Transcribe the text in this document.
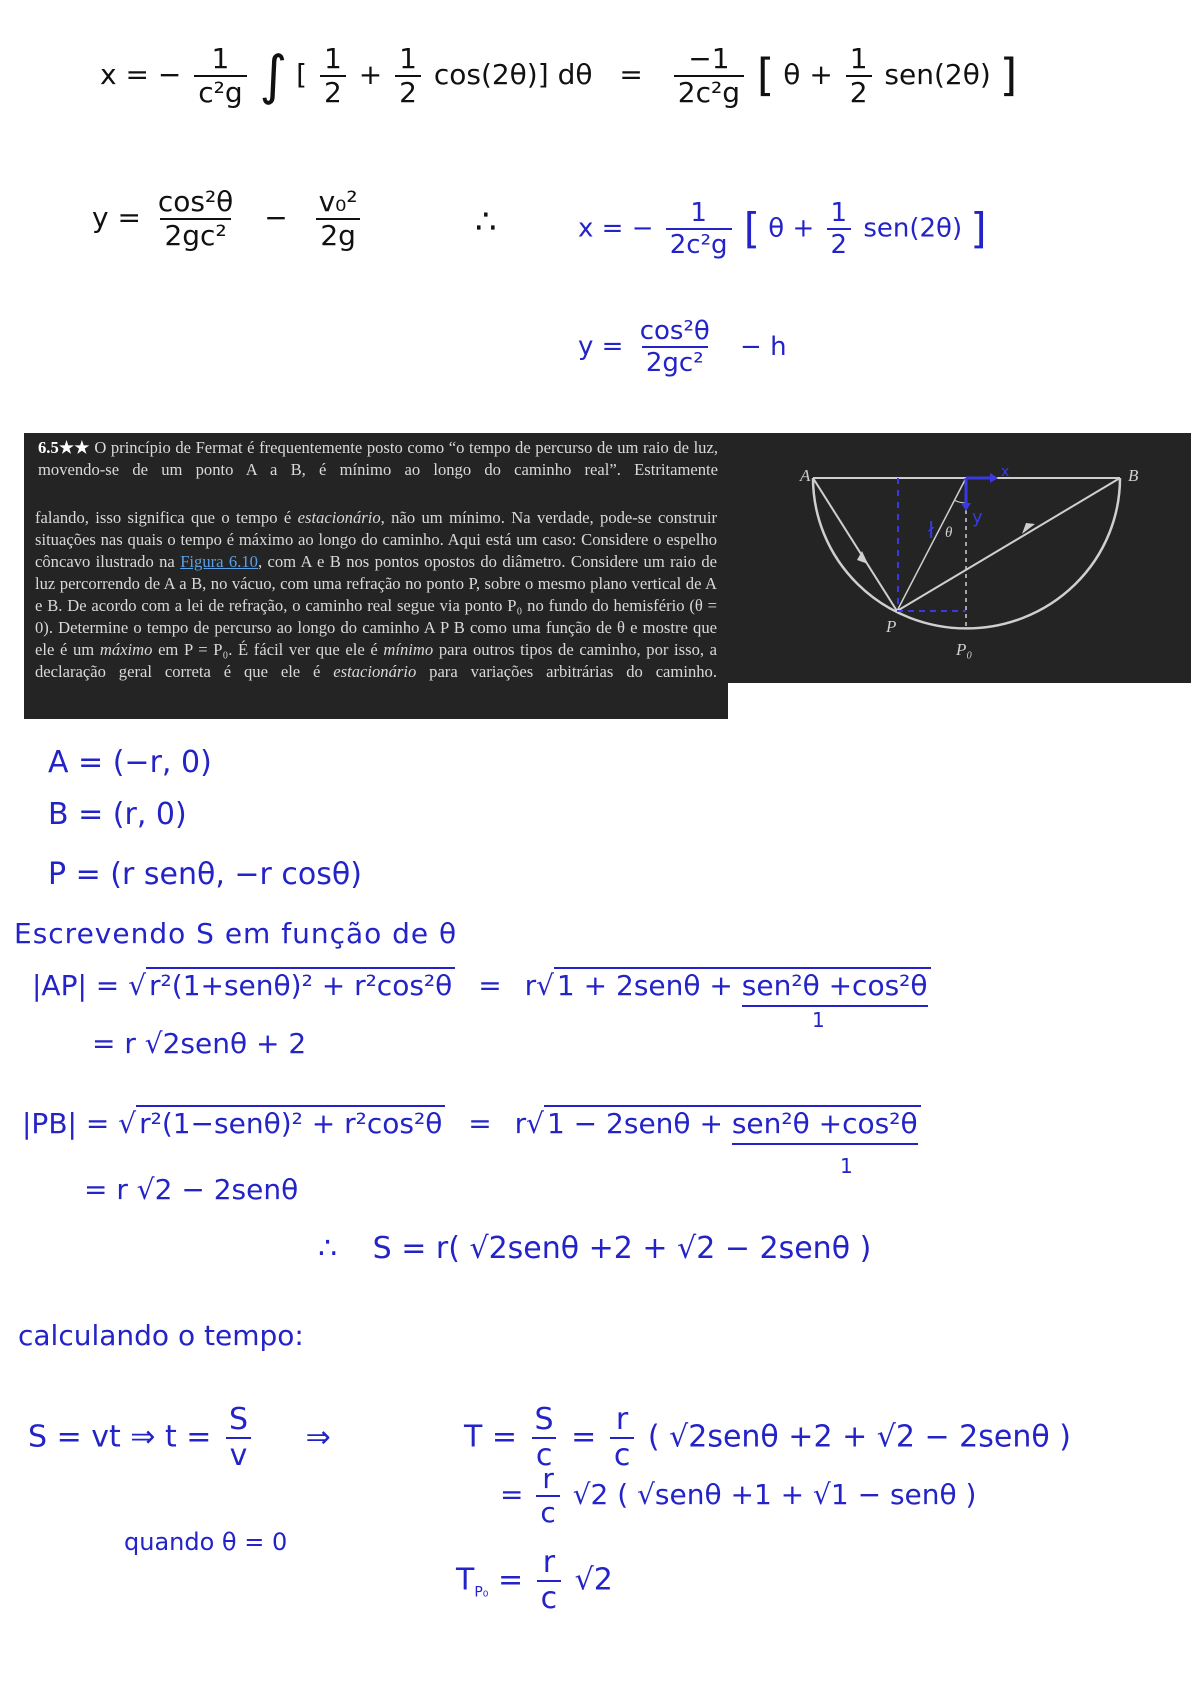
x = − $\frac{1}{\text{c²g}}$ ∫ [ $\frac{1}{2} + \frac{1}{2} \cos(2\theta)$] $d\theta = \frac{-1}{\text{2c²g}}$ [ $\theta + \frac{1}{2} sen(2\theta)$ ]
$y = \frac{\text{cos²θ}}{\text{2gc²}} - \frac{\text{v₀²}}{2g}$	∴	x = − $\frac{1}{\text{2c²g}}$ [ $\theta + \frac{1}{2} sen(2\theta)$ ]
$y = \frac{\text{cos²θ}}{\text{2gc²}} - h$
6.5★★ O princípio de Fermat é frequentemente posto como “o tempo de percurso de um raio de luz, movendo-se de um ponto A a B, é mínimo ao longo do caminho real”. Estritamente
falando, isso significa que o tempo é estacionário, não um mínimo. Na verdade, pode-se construir situações nas quais o tempo é máximo ao longo do caminho. Aqui está um caso: Considere o espelho côncavo ilustrado na Figura 6.10, com A e B nos pontos opostos do diâmetro. Considere um raio de luz percorrendo de A a B, no vácuo, com uma refração no ponto P, sobre o mesmo plano vertical de A e B. De acordo com a lei de refração, o caminho real segue via ponto P₀ no fundo do hemisfério (θ = 0). Determine o tempo de percurso ao longo do caminho A P B como uma função de θ e mostre que ele é um máximo em P = P₀. É fácil ver que ele é mínimo para outros tipos de caminho, por isso, a declaração geral correta é que ele é estacionário para variações arbitrárias do caminho.
ł
A	B
P
P₀
θ
x
y
A = (−r, 0)
B = (r, 0)
P = (r senθ, −r cosθ)
Escrevendo S em função de θ
|AP| = √ r²(1+senθ)² + r²cos²θ = r√ 1 + 2senθ + sen²θ +cos²θ
1
= r √2senθ + 2
|PB| = √ r²(1−senθ)² + r²cos²θ = r√ 1 − 2senθ + sen²θ +cos²θ
1
= r √2 − 2senθ
∴ S = r( √2senθ +2 + √2 − 2senθ )
calculando o tempo:
S = vt ⇒ $t = \frac{S}{v}$ ⇒	$T = \frac{S}{c} = \frac{r}{c}$ ( √2senθ +2 + √2 − 2senθ )
= $\frac{r}{c} √2$ ( √senθ +1 + √1 − senθ )
quando θ = 0
$T_{P_0} = \frac{r}{c} √2$
